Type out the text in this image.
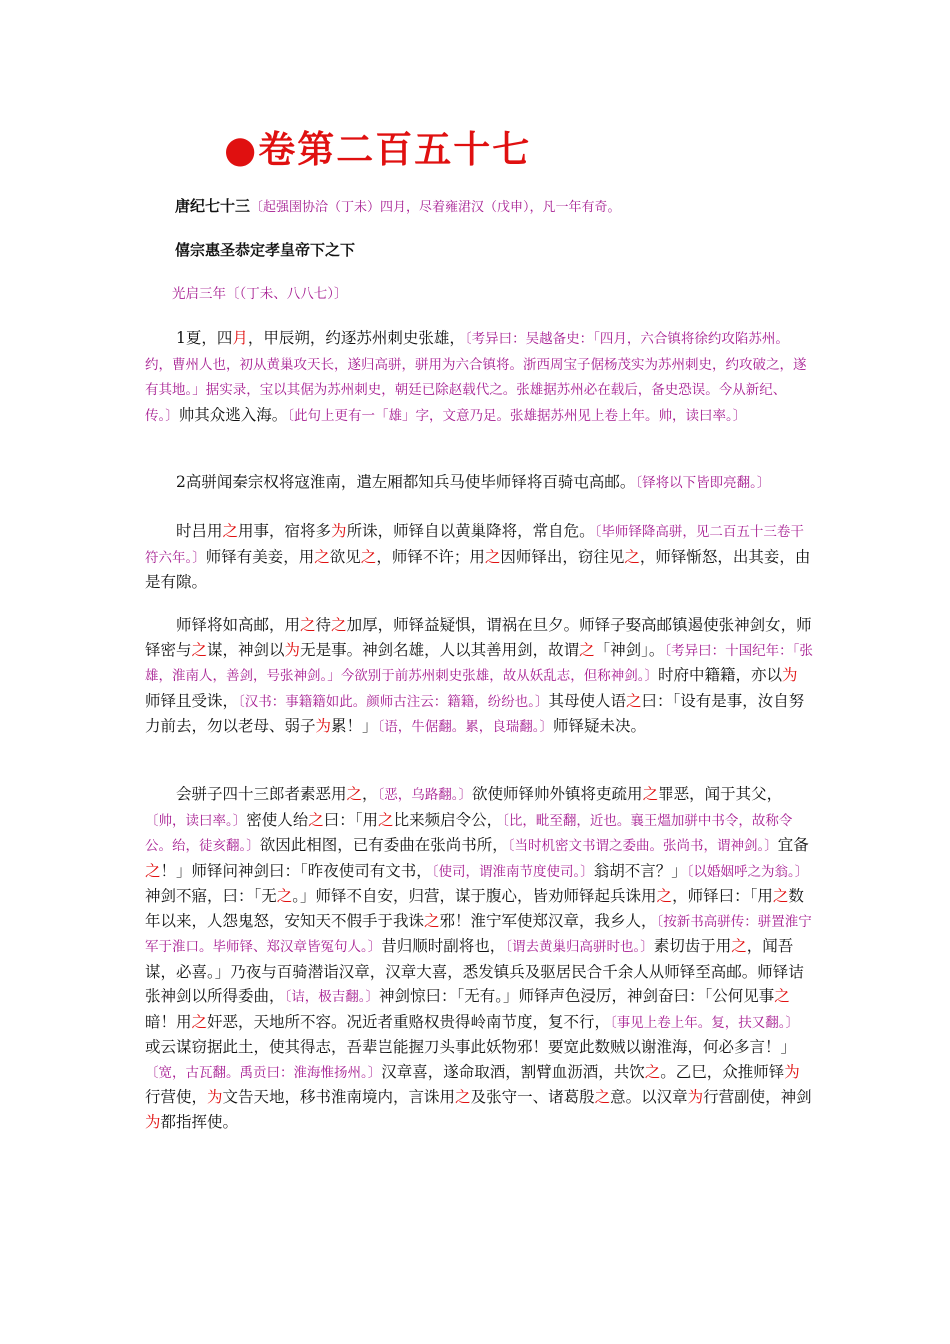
●卷第二百五十七
唐纪七十三〔起强圉协洽（丁未）四月，尽着雍涒汉（戊申），凡一年有奇。
僖宗惠圣恭定孝皇帝下之下
光启三年〔（丁未、八八七）〕

1夏，四月，甲辰朔，约逐苏州刺史张雄，〔考异曰：吴越备史：「四月，六合镇将徐约攻陷苏州。约，曹州人也，初从黄巢攻天长，遂归高骈，骈用为六合镇将。浙西周宝子倨杨茂实为苏州刺史，约攻破之，遂有其地。」据实录，宝以其倨为苏州刺史，朝廷已除赵载代之。张雄据苏州必在载后，备史恐误。今从新纪、传。〕帅其众逃入海。〔此句上更有一「雄」字，文意乃足。张雄据苏州见上卷上年。帅，读曰率。〕

2高骈闻秦宗权将寇淮南，遣左厢都知兵马使毕师铎将百骑屯高邮。〔铎将以下皆即亮翻。〕

时吕用之用事，宿将多为所诛，师铎自以黄巢降将，常自危。〔毕师铎降高骈，见二百五十三卷干符六年。〕师铎有美妾，用之欲见之，师铎不许；用之因师铎出，窃往见之，师铎惭怒，出其妾，由是有隙。

师铎将如高邮，用之待之加厚，师铎益疑惧，谓祸在旦夕。师铎子娶高邮镇遏使张神剑女，师铎密与之谋，神剑以为无是事。神剑名雄，人以其善用剑，故谓之「神剑」。〔考异曰：十国纪年：「张雄，淮南人，善剑，号张神剑。」今欲别于前苏州刺史张雄，故从妖乱志，但称神剑。〕时府中籍籍，亦以为师铎且受诛，〔汉书：事籍籍如此。颜师古注云：籍籍，纷纷也。〕其母使人语之曰：「设有是事，汝自努力前去，勿以老母、弱子为累！」〔语，牛倨翻。累，良瑞翻。〕师铎疑未决。

会骈子四十三郎者素恶用之，〔恶，乌路翻。〕欲使师铎帅外镇将吏疏用之罪恶，闻于其父，〔帅，读曰率。〕密使人绐之曰：「用之比来频启令公，〔比，毗至翻，近也。襄王熅加骈中书令，故称令公。绐，徒亥翻。〕欲因此相图，已有委曲在张尚书所，〔当时机密文书谓之委曲。张尚书，谓神剑。〕宜备之！」师铎问神剑曰：「昨夜使司有文书，〔使司，谓淮南节度使司。〕翁胡不言？」〔以婚姻呼之为翁。〕神剑不寤，曰：「无之。」师铎不自安，归营，谋于腹心，皆劝师铎起兵诛用之，师铎曰：「用之数年以来，人怨鬼怒，安知天不假手于我诛之邪！淮宁军使郑汉章，我乡人，〔按新书高骈传：骈置淮宁军于淮口。毕师铎、郑汉章皆冤句人。〕昔归顺时副将也，〔谓去黄巢归高骈时也。〕素切齿于用之，闻吾谋，必喜。」乃夜与百骑潜诣汉章，汉章大喜，悉发镇兵及驱居民合千余人从师铎至高邮。师铎诘张神剑以所得委曲，〔诘，极吉翻。〕神剑惊曰：「无有。」师铎声色浸厉，神剑奋曰：「公何见事之暗！用之奸恶，天地所不容。况近者重赂权贵得岭南节度，复不行，〔事见上卷上年。复，扶又翻。〕或云谋窃据此土，使其得志，吾辈岂能握刀头事此妖物邪！要宽此数贼以谢淮海，何必多言！」〔宽，古瓦翻。禹贡曰：淮海惟扬州。〕汉章喜，遂命取酒，割臂血沥酒，共饮之。乙巳，众推师铎为行营使，为文告天地，移书淮南境内，言诛用之及张守一、诸葛殷之意。以汉章为行营副使，神剑为都指挥使。
